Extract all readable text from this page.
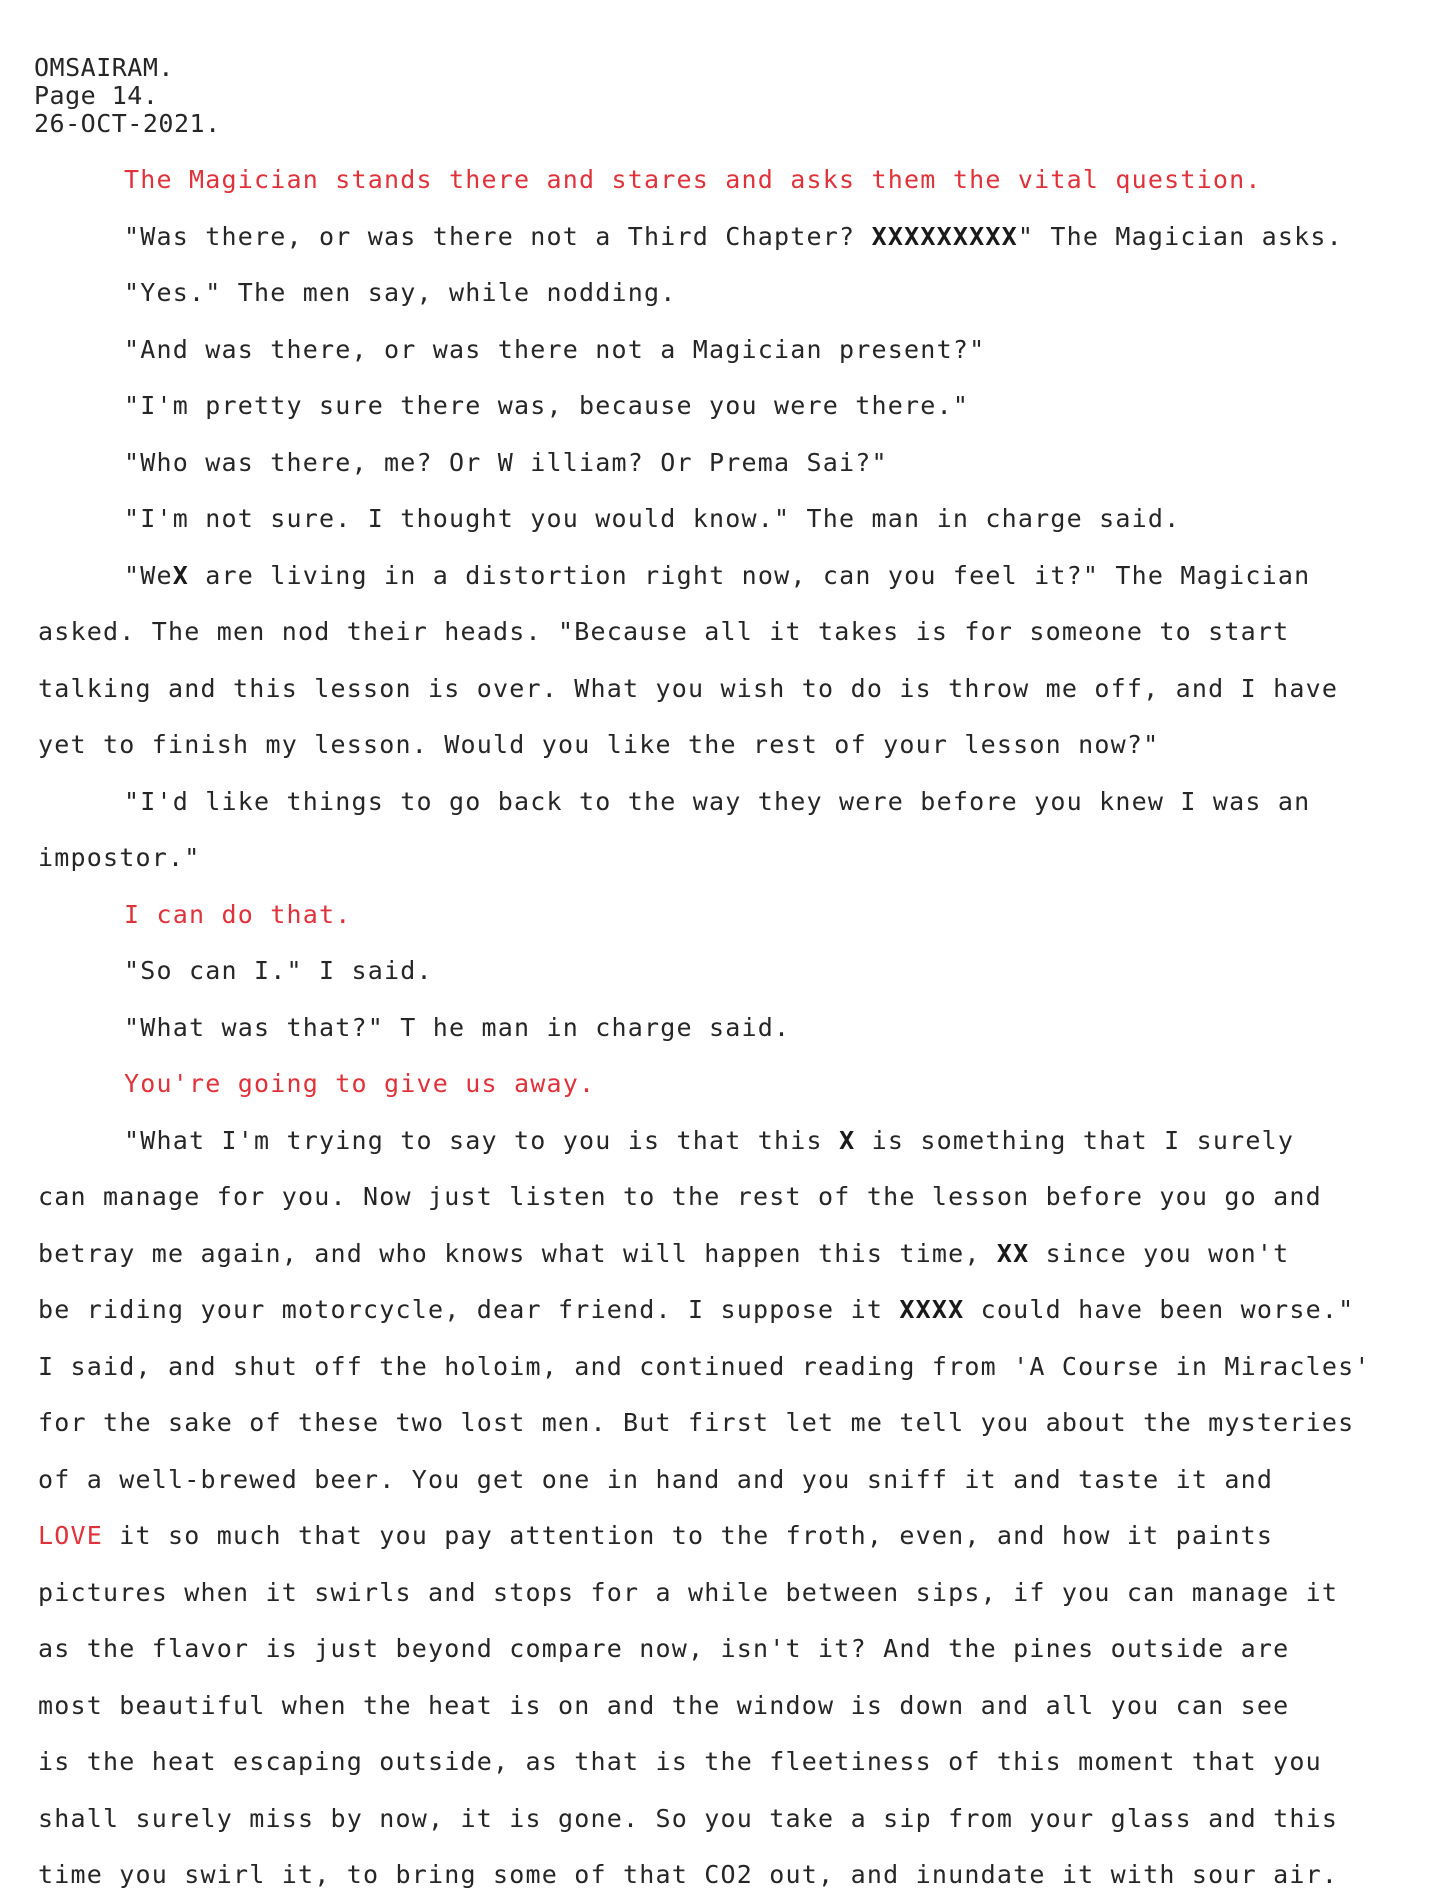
OMSAIRAM.
Page 14.
26-OCT-2021.
The Magician stands there and stares and asks them the vital question.
"Was there, or was there not a Third Chapter? XXXXXXXXX" The Magician asks.
"Yes." The men say, while nodding.
"And was there, or was there not a Magician present?"
"I'm pretty sure there was, because you were there."
"Who was there, me? Or W illiam? Or Prema Sai?"
"I'm not sure. I thought you would know." The man in charge said.
"WeX are living in a distortion right now, can you feel it?" The Magician
asked. The men nod their heads. "Because all it takes is for someone to start
talking and this lesson is over. What you wish to do is throw me off, and I have
yet to finish my lesson. Would you like the rest of your lesson now?"
"I'd like things to go back to the way they were before you knew I was an
impostor."
I can do that.
"So can I." I said.
"What was that?" T he man in charge said.
You're going to give us away.
"What I'm trying to say to you is that this X is something that I surely
can manage for you. Now just listen to the rest of the lesson before you go and
betray me again, and who knows what will happen this time, XX since you won't
be riding your motorcycle, dear friend. I suppose it XXXX could have been worse."
I said, and shut off the holoim, and continued reading from 'A Course in Miracles'
for the sake of these two lost men. But first let me tell you about the mysteries
of a well-brewed beer. You get one in hand and you sniff it and taste it and
LOVE it so much that you pay attention to the froth, even, and how it paints
pictures when it swirls and stops for a while between sips, if you can manage it
as the flavor is just beyond compare now, isn't it? And the pines outside are
most beautiful when the heat is on and the window is down and all you can see
is the heat escaping outside, as that is the fleetiness of this moment that you
shall surely miss by now, it is gone. So you take a sip from your glass and this
time you swirl it, to bring some of that CO2 out, and inundate it with sour air.
